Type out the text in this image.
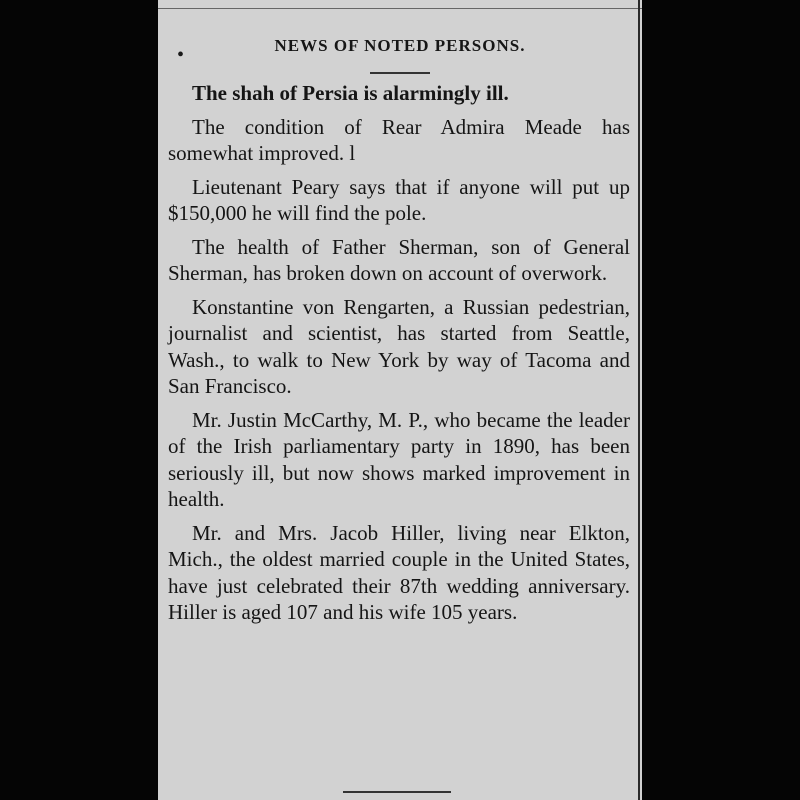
•	NEWS OF NOTED PERSONS.

The shah of Persia is alarmingly ill.

The condition of Rear Admira Meade has somewhat improved. l

Lieutenant Peary says that if anyone will put up $150,000 he will find the pole.

The health of Father Sherman, son of General Sherman, has broken down on account of overwork.

Konstantine von Rengarten, a Russian pedestrian, journalist and scientist, has started from Seattle, Wash., to walk to New York by way of Tacoma and San Francisco.

Mr. Justin McCarthy, M. P., who became the leader of the Irish parliamentary party in 1890, has been seriously ill, but now shows marked improvement in health.

Mr. and Mrs. Jacob Hiller, living near Elkton, Mich., the oldest married couple in the United States, have just celebrated their 87th wedding anniversary. Hiller is aged 107 and his wife 105 years.
